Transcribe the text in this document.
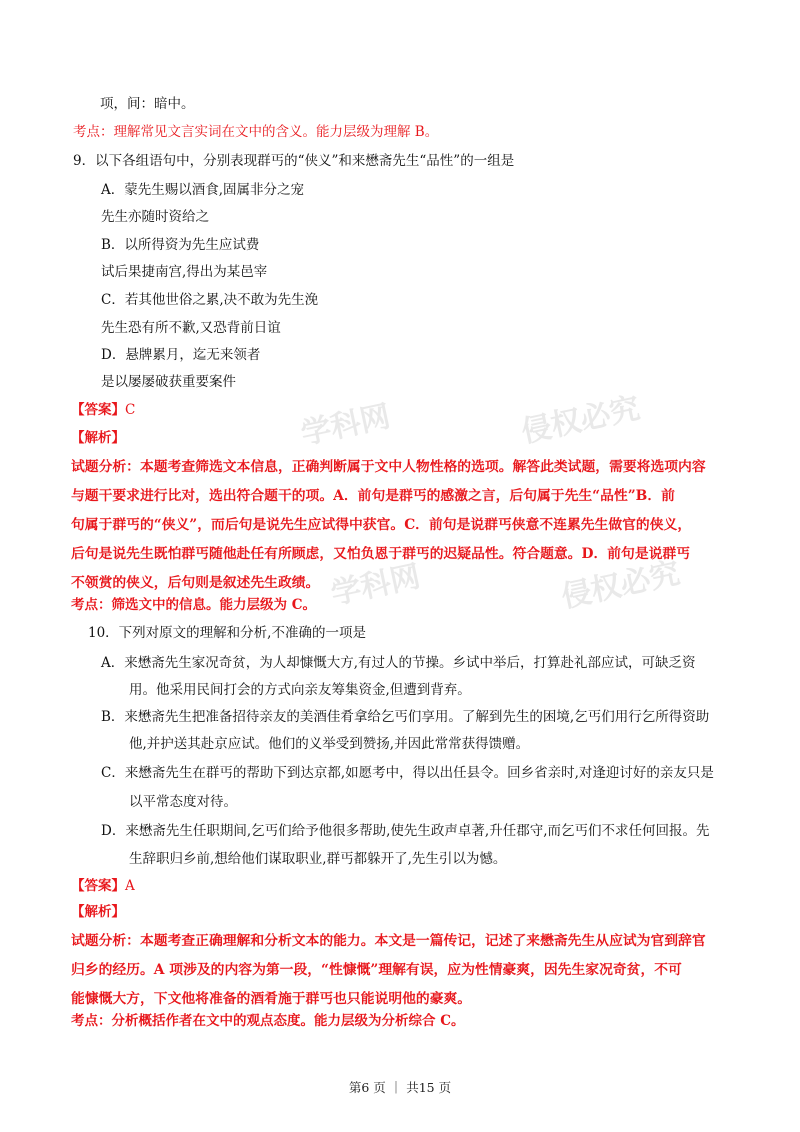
学科网	侵权必究
学科网	侵权必究
项，间：暗中。
考点：理解常见文言实词在文中的含义。能力层级为理解 B。
9．以下各组语句中，分别表现群丐的“侠义”和来懋斋先生“品性”的一组是
A．蒙先生赐以酒食,固属非分之宠
先生亦随时资给之
B．以所得资为先生应试费
试后果捷南宫,得出为某邑宰
C．若其他世俗之累,决不敢为先生浼
先生恐有所不歉,又恐背前日谊
D．悬牌累月，迄无来领者
是以屡屡破获重要案件
【答案】C
【解析】
试题分析：本题考查筛选文本信息，正确判断属于文中人物性格的选项。解答此类试题，需要将选项内容
与题干要求进行比对，选出符合题干的项。A．前句是群丐的感激之言，后句属于先生“品性”B．前
句属于群丐的“侠义”，而后句是说先生应试得中获官。C．前句是说群丐侠意不连累先生做官的侠义，
后句是说先生既怕群丐随他赴任有所顾虑，又怕负恩于群丐的迟疑品性。符合题意。D．前句是说群丐
不领赏的侠义，后句则是叙述先生政绩。
考点：筛选文中的信息。能力层级为 C。
10．下列对原文的理解和分析,不准确的一项是
A．来懋斋先生家况奇贫，为人却慷慨大方,有过人的节操。乡试中举后，打算赴礼部应试，可缺乏资
用。他采用民间打会的方式向亲友筹集资金,但遭到背弃。
B．来懋斋先生把准备招待亲友的美酒佳肴拿给乞丐们享用。了解到先生的困境,乞丐们用行乞所得资助
他,并护送其赴京应试。他们的义举受到赞扬,并因此常常获得馈赠。
C．来懋斋先生在群丐的帮助下到达京都,如愿考中，得以出任县令。回乡省亲时,对逢迎讨好的亲友只是
以平常态度对待。
D．来懋斋先生任职期间,乞丐们给予他很多帮助,使先生政声卓著,升任郡守,而乞丐们不求任何回报。先
生辞职归乡前,想给他们谋取职业,群丐都躲开了,先生引以为憾。
【答案】A
【解析】
试题分析：本题考查正确理解和分析文本的能力。本文是一篇传记，记述了来懋斋先生从应试为官到辞官
归乡的经历。A 项涉及的内容为第一段，“性慷慨”理解有误，应为性情豪爽，因先生家况奇贫，不可
能慷慨大方，下文他将准备的酒肴施于群丐也只能说明他的豪爽。
考点：分析概括作者在文中的观点态度。能力层级为分析综合 C。
第6 页 ｜ 共15 页
